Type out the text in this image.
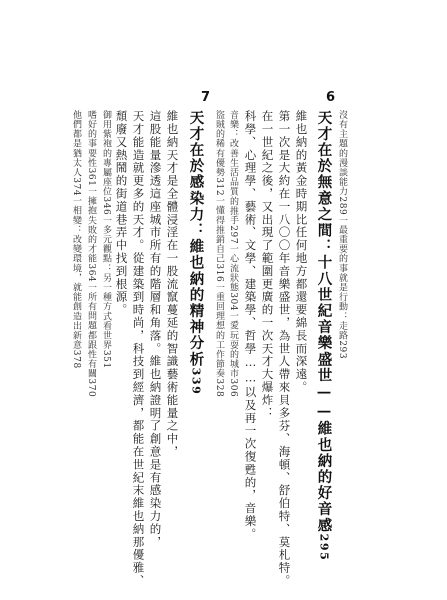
6
沒有主題的漫談能力289一最重要的事就是行動：走路293
天才在於無意之間：十八世紀音樂盛世——維也納的好音感295
維也納的黃金時期比任何地方都還要綿長而深遠。
第一次是大約在一八〇〇年音樂盛世，為世人帶來貝多芬、海頓、舒伯特、莫札特。
在一世紀之後，又出現了範圍更廣的一次天才大爆炸：
科學、心理學、藝術、文學、建築學、哲學……以及再一次復甦的，音樂。
音樂：改善生活品質的推手297一心流狀態304一愛玩耍的城市306
盜賊的稀有優勢312一懂得推銷自己316一重回理想的工作節奏328
7
天才在於感染力：維也納的精神分析339
維也納天才是全體浸淫在一股流竄蔓延的智識藝術能量之中，
這股能量滲透這座城市所有的階層和角落。維也納證明了創意是有感染力的，
天才能造就更多的天才。從建築到時尚，科技到經濟，都能在世紀末維也納那優雅、
頹廢又熱鬧的街道巷弄中找到根源。
御用紫袍的專屬座位346一多元觀點：另一種方式看世界351
嗜好的事要性361一擁抱失敗的才能364一所有問題都跟性有關370
他們都是猶太人374一相變：改變環境，就能創造出新意378
